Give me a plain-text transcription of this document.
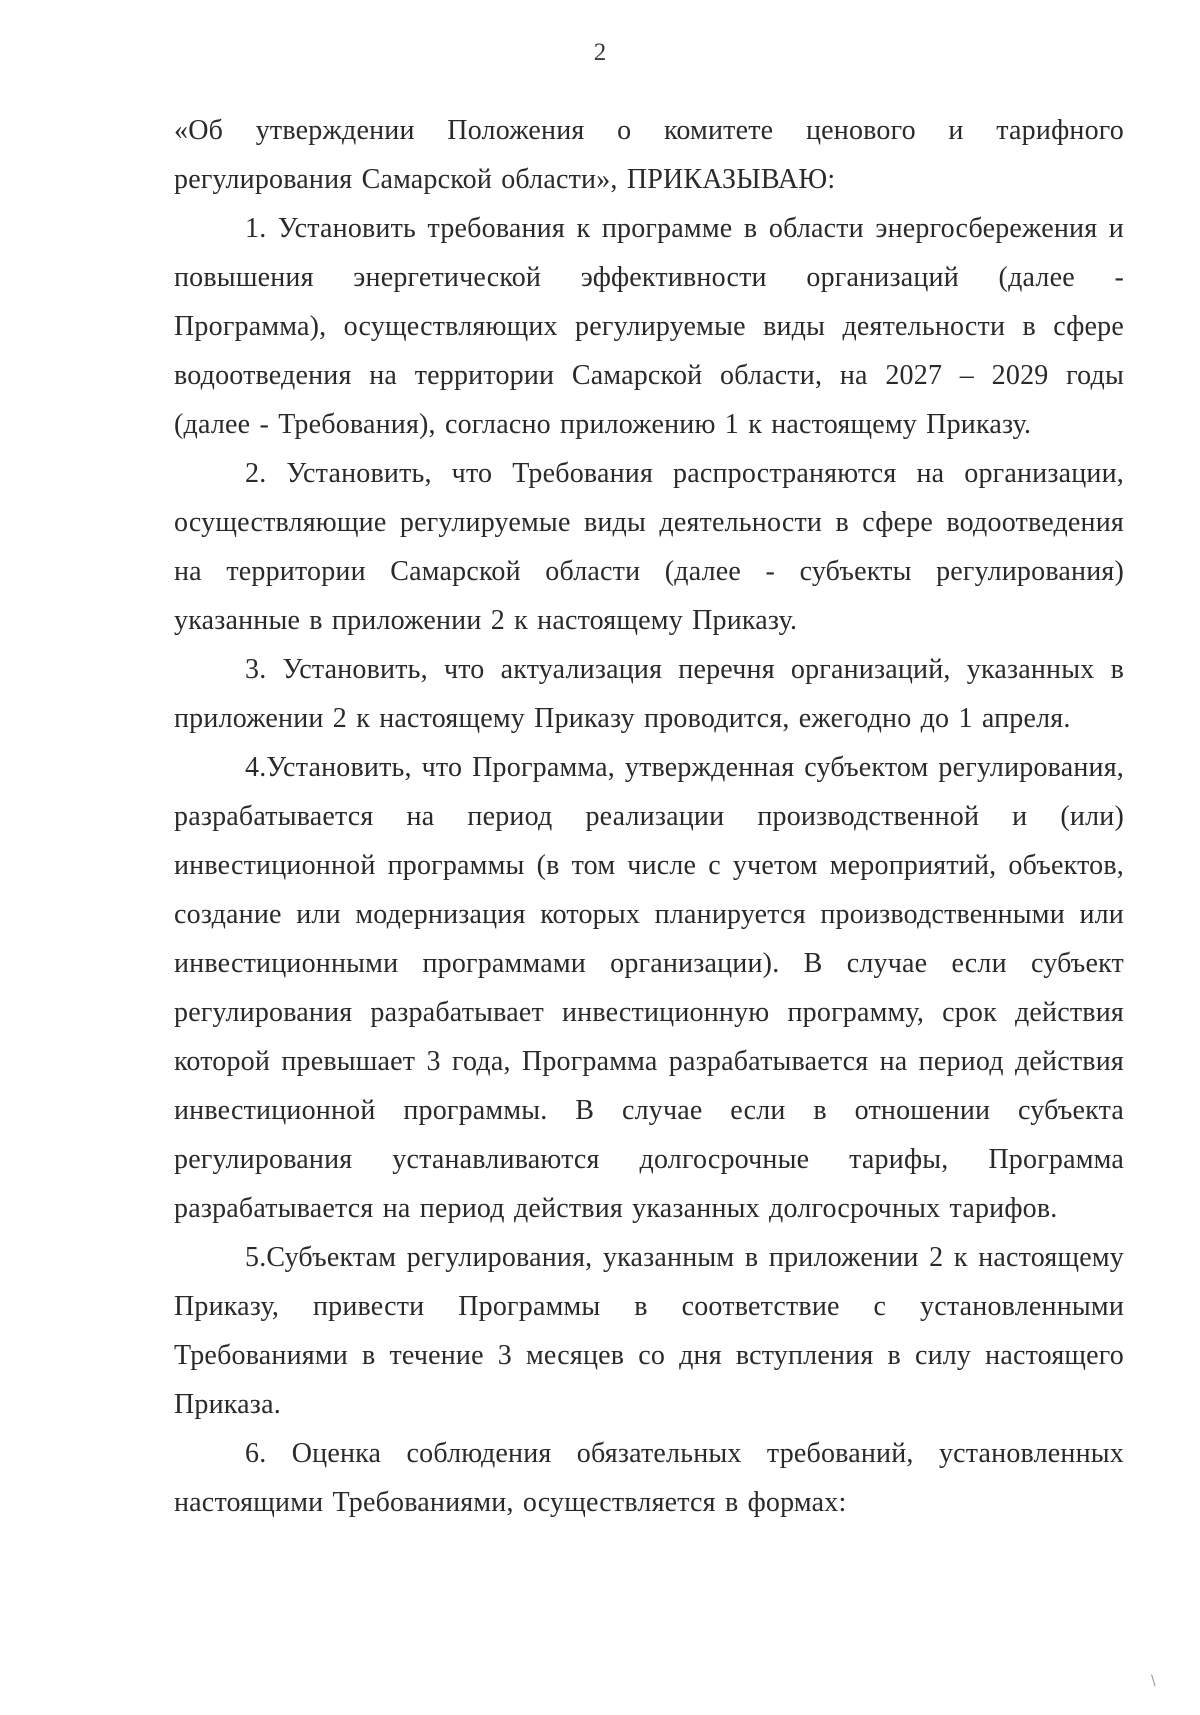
2

«Об утверждении Положения о комитете ценового и тарифного регулирования Самарской области», ПРИКАЗЫВАЮ:

1. Установить требования к программе в области энергосбережения и повышения энергетической эффективности организаций (далее - Программа), осуществляющих регулируемые виды деятельности в сфере водоотведения на территории Самарской области, на 2027 – 2029 годы (далее - Требования), согласно приложению 1 к настоящему Приказу.

2. Установить, что Требования распространяются на организации, осуществляющие регулируемые виды деятельности в сфере водоотведения на территории Самарской области (далее - субъекты регулирования) указанные в приложении 2 к настоящему Приказу.

3. Установить, что актуализация перечня организаций, указанных в приложении 2 к настоящему Приказу проводится, ежегодно до 1 апреля.

4.Установить, что Программа, утвержденная субъектом регулирования, разрабатывается на период реализации производственной и (или) инвестиционной программы (в том числе с учетом мероприятий, объектов, создание или модернизация которых планируется производственными или инвестиционными программами организации). В случае если субъект регулирования разрабатывает инвестиционную программу, срок действия которой превышает 3 года, Программа разрабатывается на период действия инвестиционной программы. В случае если в отношении субъекта регулирования устанавливаются долгосрочные тарифы, Программа разрабатывается на период действия указанных долгосрочных тарифов.

5.Субъектам регулирования, указанным в приложении 2 к настоящему Приказу, привести Программы в соответствие с установленными Требованиями в течение 3 месяцев со дня вступления в силу настоящего Приказа.

6. Оценка соблюдения обязательных требований, установленных настоящими Требованиями, осуществляется в формах:

\
